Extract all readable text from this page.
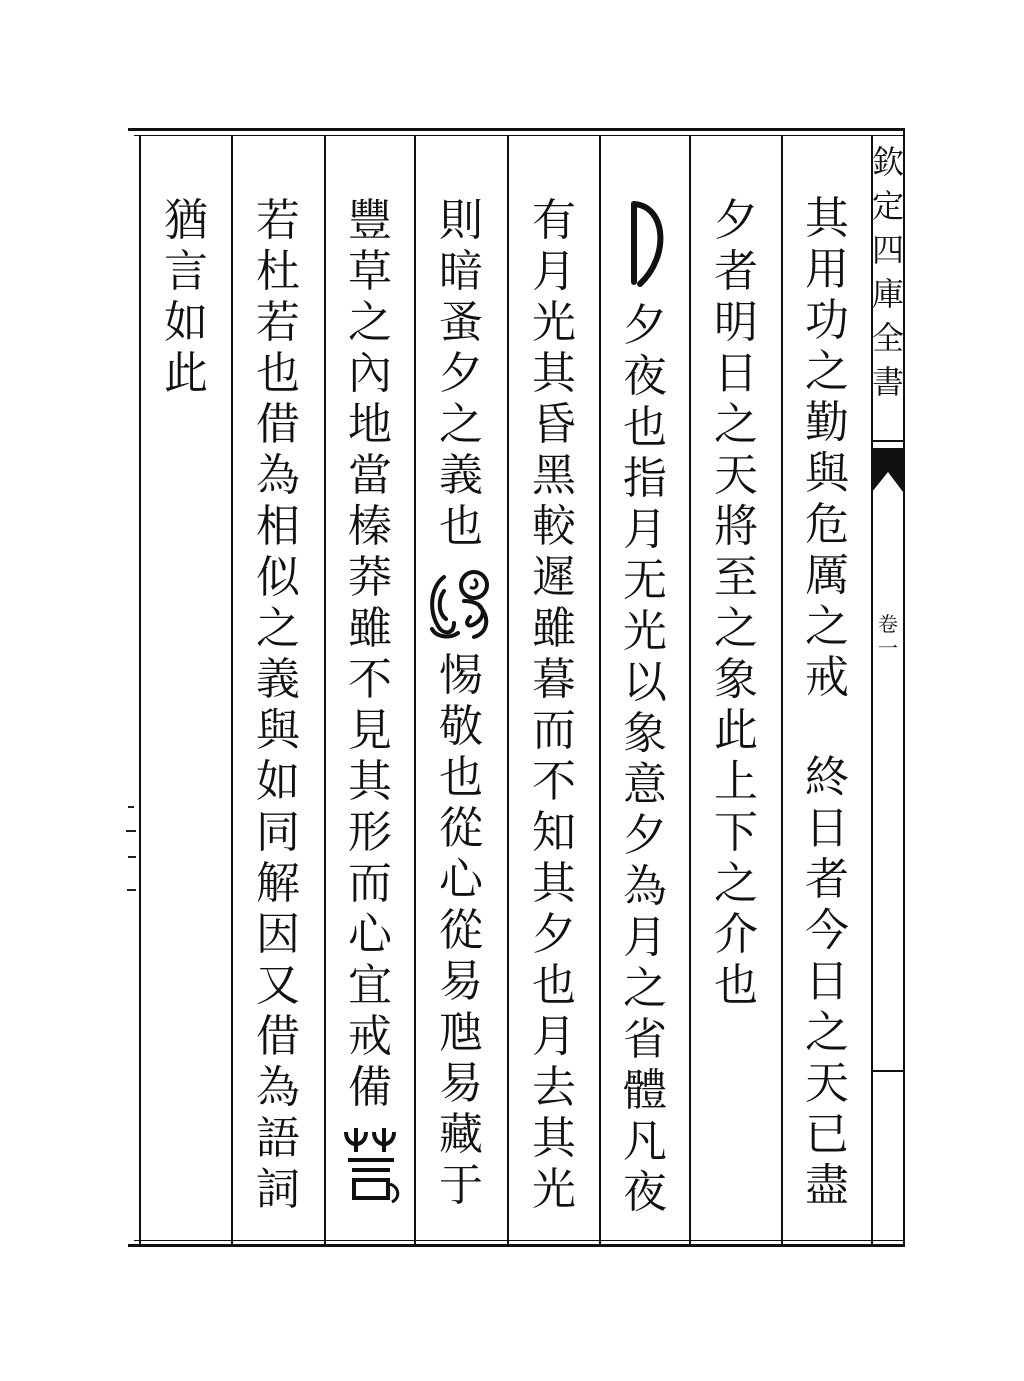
欽
定
四
庫
全
書
卷
一
其
用
功
之
勤
與
危
厲
之
戒
終
日
者
今
日
之
天
已
盡
夕
者
明
日
之
天
將
至
之
象
此
上
下
之
介
也
夕
夜
也
指
月
无
光
以
象
意
夕
為
月
之
省
體
凡
夜
有
月
光
其
昏
黑
較
遲
雖
暮
而
不
知
其
夕
也
月
去
其
光
則
暗
蚤
夕
之
義
也
惕
敬
也
從
心
從
易
虺
易
藏
于
豐
草
之
內
地
當
榛
莽
雖
不
見
其
形
而
心
宜
戒
備
若
杜
若
也
借
為
相
似
之
義
與
如
同
解
因
又
借
為
語
詞
猶
言
如
此
